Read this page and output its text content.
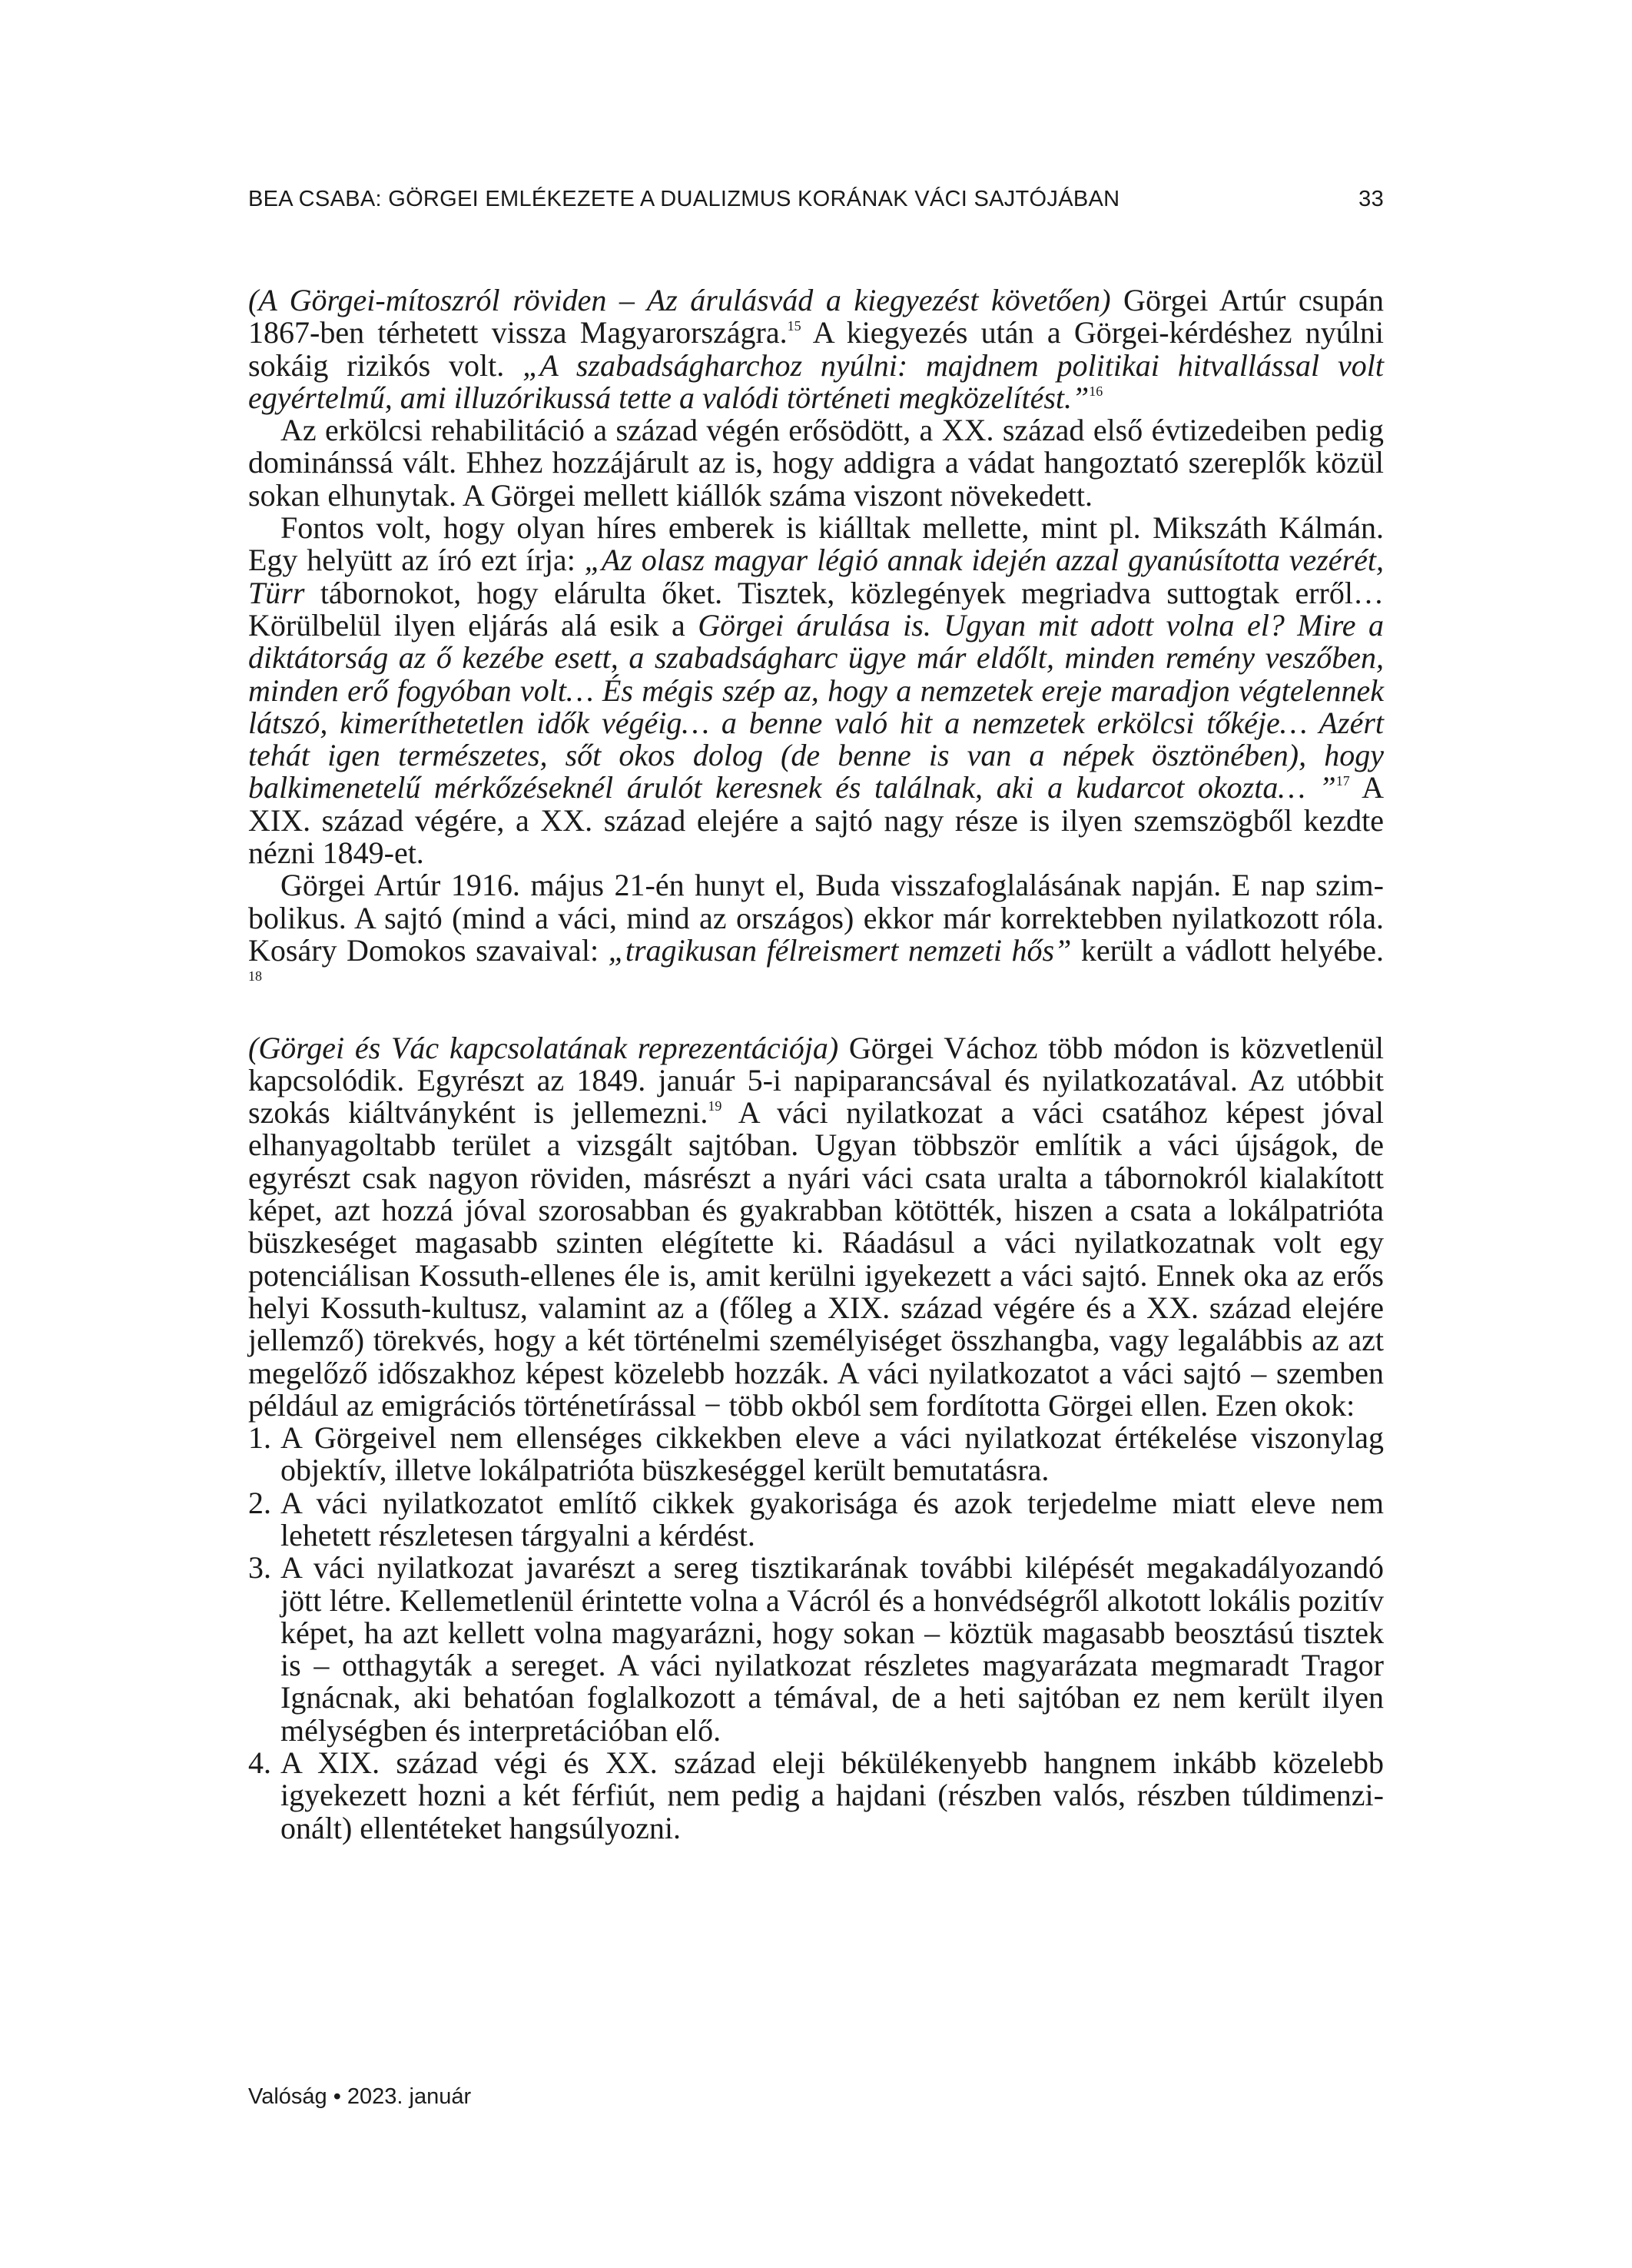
BEA CSABA: GÖRGEI EMLÉKEZETE A DUALIZMUS KORÁNAK VÁCI SAJTÓJÁBAN	33

(A Görgei-mítoszról röviden – Az árulásvád a kiegyezést követően) Görgei Artúr csupán 1867-ben térhetett vissza Magyarországra.$^{15}$ A kiegyezés után a Görgei-kérdéshez nyúlni sokáig rizikós volt. „A szabadságharchoz nyúlni: majdnem politikai hitvallással volt egyértelmű, ami illuzórikussá tette a valódi történeti megközelítést.”$^{16}$

Az erkölcsi rehabilitáció a század végén erősödött, a XX. század első évtizedeiben pedig dominánssá vált. Ehhez hozzájárult az is, hogy addigra a vádat hangoztató szereplők közül sokan elhunytak. A Görgei mellett kiállók száma viszont növekedett.

Fontos volt, hogy olyan híres emberek is kiálltak mellette, mint pl. Mikszáth Kálmán. Egy helyütt az író ezt írja: „Az olasz magyar légió annak idején azzal gyanúsította vezérét, Türr tábornokot, hogy elárulta őket. Tisztek, közlegények megriadva suttogtak erről… Körülbelül ilyen eljárás alá esik a Görgei árulása is. Ugyan mit adott volna el? Mire a diktátorság az ő kezébe esett, a szabadságharc ügye már eldőlt, minden remény veszőben, minden erő fogyóban volt… És mégis szép az, hogy a nemzetek ereje maradjon végtelennek látszó, kimeríthetetlen idők végéig… a benne való hit a nemzetek erkölcsi tőkéje… Azért tehát igen természetes, sőt okos dolog (de benne is van a népek ösztönében), hogy balkimenetelű mérkőzéseknél árulót keresnek és találnak, aki a kudarcot okozta… ”$^{17}$ A XIX. század végére, a XX. század elejére a sajtó nagy része is ilyen szemszögből kezdte nézni 1849-et.

Görgei Artúr 1916. május 21-én hunyt el, Buda visszafoglalásának napján. E nap szimbolikus. A sajtó (mind a váci, mind az országos) ekkor már korrektebben nyilatkozott róla. Kosáry Domokos szavaival: „tragikusan félreismert nemzeti hős” került a vádlott helyébe. $^{18}$

(Görgei és Vác kapcsolatának reprezentációja) Görgei Váchoz több módon is közvetlenül kapcsolódik. Egyrészt az 1849. január 5-i napiparancsával és nyilatkozatával. Az utóbbit szokás kiáltványként is jellemezni.$^{19}$ A váci nyilatkozat a váci csatához képest jóval elhanyagoltabb terület a vizsgált sajtóban. Ugyan többször említik a váci újságok, de egyrészt csak nagyon röviden, másrészt a nyári váci csata uralta a tábornokról kialakított képet, azt hozzá jóval szorosabban és gyakrabban kötötték, hiszen a csata a lokálpatrióta büszkeséget magasabb szinten elégítette ki. Ráadásul a váci nyilatkozatnak volt egy potenciálisan Kossuth-ellenes éle is, amit kerülni igyekezett a váci sajtó. Ennek oka az erős helyi Kossuth-kultusz, valamint az a (főleg a XIX. század végére és a XX. század elejére jellemző) törekvés, hogy a két történelmi személyiséget összhangba, vagy legalábbis az azt megelőző időszakhoz képest közelebb hozzák. A váci nyilatkozatot a váci sajtó – szemben például az emigrációs történetírással − több okból sem fordította Görgei ellen. Ezen okok:

1. A Görgeivel nem ellenséges cikkekben eleve a váci nyilatkozat értékelése viszonylag objektív, illetve lokálpatrióta büszkeséggel került bemutatásra.
2. A váci nyilatkozatot említő cikkek gyakorisága és azok terjedelme miatt eleve nem lehetett részletesen tárgyalni a kérdést.
3. A váci nyilatkozat javarészt a sereg tisztikarának további kilépését megakadályozandó jött létre. Kellemetlenül érintette volna a Vácról és a honvédségről alkotott lokális pozitív képet, ha azt kellett volna magyarázni, hogy sokan – köztük magasabb beosztású tisztek is – otthagyták a sereget. A váci nyilatkozat részletes magyarázata megmaradt Tragor Ignácnak, aki behatóan foglalkozott a témával, de a heti sajtóban ez nem került ilyen mélységben és interpretációban elő.
4. A XIX. század végi és XX. század eleji békülékenyebb hangnem inkább közelebb igyekezett hozni a két férfiút, nem pedig a hajdani (részben valós, részben túldimenzionált) ellentéteket hangsúlyozni.
Valóság • 2023. január
